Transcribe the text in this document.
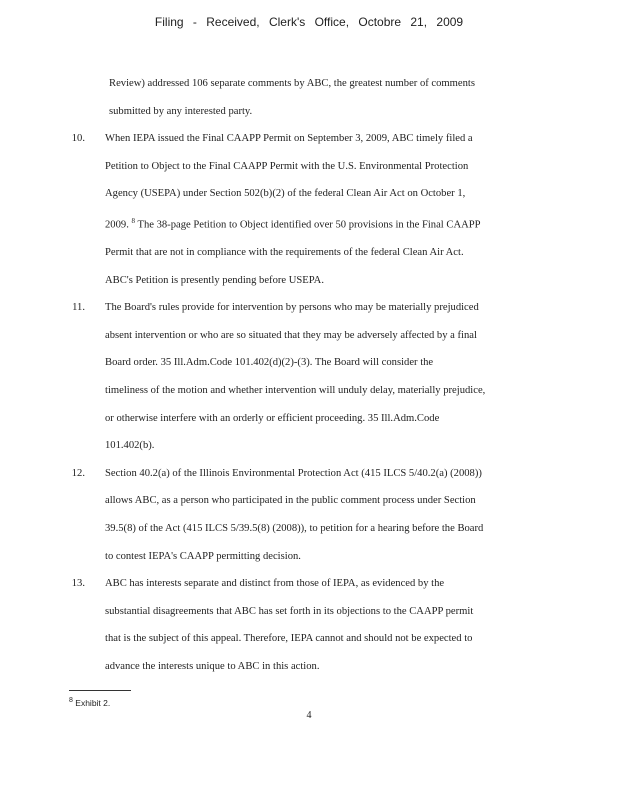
Filing - Received, Clerk's Office, Octobre 21, 2009
Review) addressed 106 separate comments by ABC, the greatest number of comments
submitted by any interested party.
10.	When IEPA issued the Final CAAPP Permit on September 3, 2009, ABC timely filed a
Petition to Object to the Final CAAPP Permit with the U.S. Environmental Protection
Agency (USEPA) under Section 502(b)(2) of the federal Clean Air Act on October 1,
2009. $^8$ The 38-page Petition to Object identified over 50 provisions in the Final CAAPP
Permit that are not in compliance with the requirements of the federal Clean Air Act.
ABC's Petition is presently pending before USEPA.
11.	The Board's rules provide for intervention by persons who may be materially prejudiced
absent intervention or who are so situated that they may be adversely affected by a final
Board order. 35 Ill.Adm.Code 101.402(d)(2)-(3). The Board will consider the
timeliness of the motion and whether intervention will unduly delay, materially prejudice,
or otherwise interfere with an orderly or efficient proceeding. 35 Ill.Adm.Code
101.402(b).
12.	Section 40.2(a) of the Illinois Environmental Protection Act (415 ILCS 5/40.2(a) (2008))
allows ABC, as a person who participated in the public comment process under Section
39.5(8) of the Act (415 ILCS 5/39.5(8) (2008)), to petition for a hearing before the Board
to contest IEPA's CAAPP permitting decision.
13.	ABC has interests separate and distinct from those of IEPA, as evidenced by the
substantial disagreements that ABC has set forth in its objections to the CAAPP permit
that is the subject of this appeal. Therefore, IEPA cannot and should not be expected to
advance the interests unique to ABC in this action.
$^8$ Exhibit 2.
4
